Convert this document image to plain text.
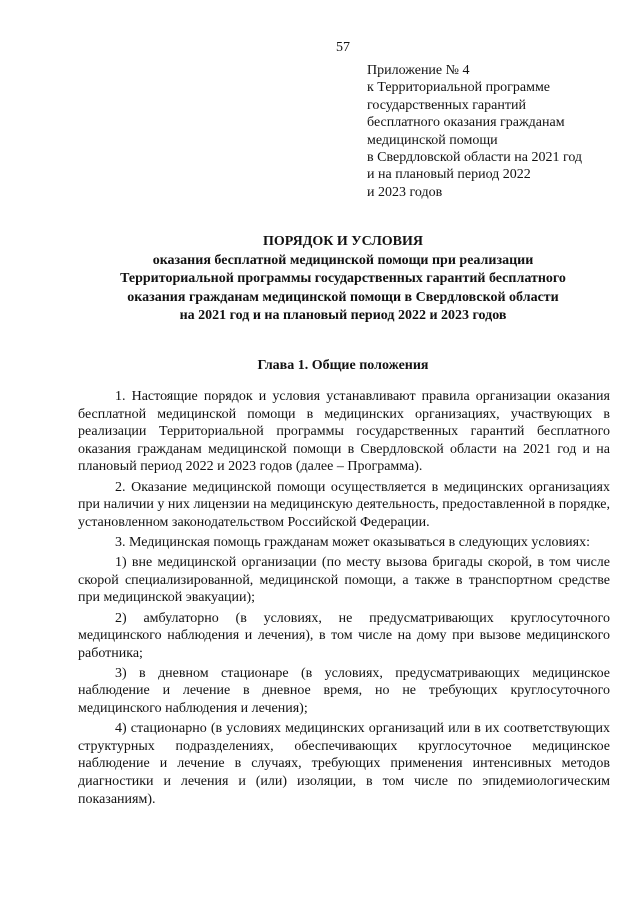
57
Приложение № 4
к Территориальной программе
государственных гарантий
бесплатного оказания гражданам
медицинской помощи
в Свердловской области на 2021 год
и на плановый период 2022
и 2023 годов
ПОРЯДОК И УСЛОВИЯ
оказания бесплатной медицинской помощи при реализации
Территориальной программы государственных гарантий бесплатного
оказания гражданам медицинской помощи в Свердловской области
на 2021 год и на плановый период 2022 и 2023 годов
Глава 1. Общие положения

1. Настоящие порядок и условия устанавливают правила организации оказания бесплатной медицинской помощи в медицинских организациях, участвующих в реализации Территориальной программы государственных гарантий бесплатного оказания гражданам медицинской помощи в Свердловской области на 2021 год и на плановый период 2022 и 2023 годов (далее – Программа).

2. Оказание медицинской помощи осуществляется в медицинских организациях при наличии у них лицензии на медицинскую деятельность, предоставленной в порядке, установленном законодательством Российской Федерации.

3. Медицинская помощь гражданам может оказываться в следующих условиях:

1) вне медицинской организации (по месту вызова бригады скорой, в том числе скорой специализированной, медицинской помощи, а также в транспортном средстве при медицинской эвакуации);

2) амбулаторно (в условиях, не предусматривающих круглосуточного медицинского наблюдения и лечения), в том числе на дому при вызове медицинского работника;

3) в дневном стационаре (в условиях, предусматривающих медицинское наблюдение и лечение в дневное время, но не требующих круглосуточного медицинского наблюдения и лечения);

4) стационарно (в условиях медицинских организаций или в их соответствующих структурных подразделениях, обеспечивающих круглосуточное медицинское наблюдение и лечение в случаях, требующих применения интенсивных методов диагностики и лечения и (или) изоляции, в том числе по эпидемиологическим показаниям).
